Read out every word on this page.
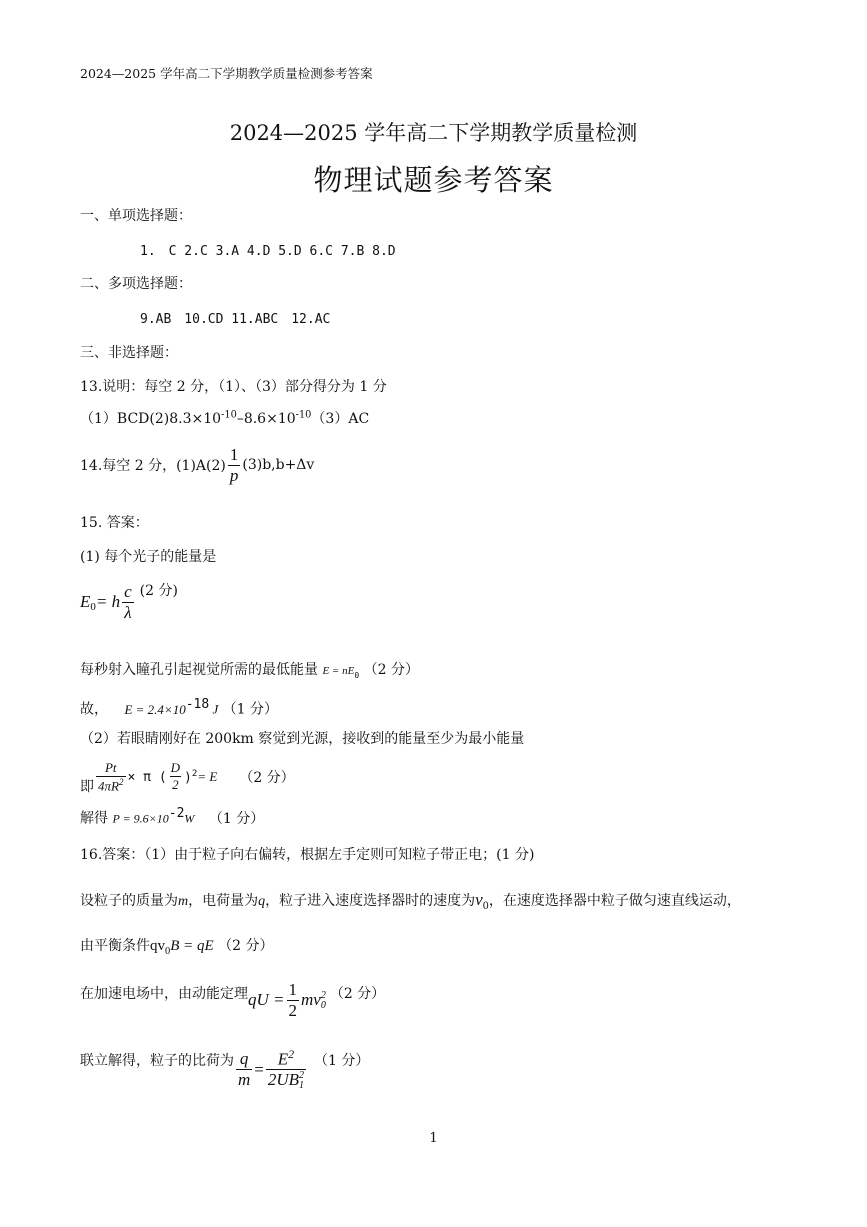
2024—2025 学年高二下学期教学质量检测参考答案
2024—2025 学年高二下学期教学质量检测
物理试题参考答案
一、单项选择题：
1.　C 2.C 3.A 4.D 5.D 6.C 7.B 8.D
二、多项选择题：
9.AB　10.CD 11.ABC　12.AC
三、非选择题：
13.说明：每空 2 分，（1）、（3）部分得分为 1 分
$(1)BCD(2)8.3\times 10^{-10}-8.6\times 10^{-10}(3)AC$
14.每空 2 分，$(1)A(2) \frac{1}{p} (3)b,b+\Delta v$
15. 答案：
(1) 每个光子的能量是
$E_0 = h \frac{c}{\lambda} (2$ 分)
每秒射入瞳孔引起视觉所需的最低能量 $E = nE_0$ （2 分）
故， $E = 2.4\times 10^{-18}$ J （1 分）
（2）若眼睛刚好在 200km 察觉到光源，接收到的能量至少为最小能量
即 $\frac{Pt}{4\pi R^2} \times \pi$ ( $\frac{D}{2} )^2 = E$ （2 分）
解得 $P = 9.6\times 10^{-2}W$ （1 分）
16.答案：（1）由于粒子向右偏转，根据左手定则可知粒子带正电；(1 分)
设粒子的质量为m，电荷量为q，粒子进入速度选择器时的速度为$v_0$，在速度选择器中粒子做匀速直线运动，
由平衡条件$qv_0B$ = qE （2 分）
在加速电场中，由动能定理 qU = $\frac{1}{2}$ mv 2
0
（2 分）
联立解得，粒子的比荷为 $\frac{q}{m} = E^2$
2UB 2
1 （1 分）
1
